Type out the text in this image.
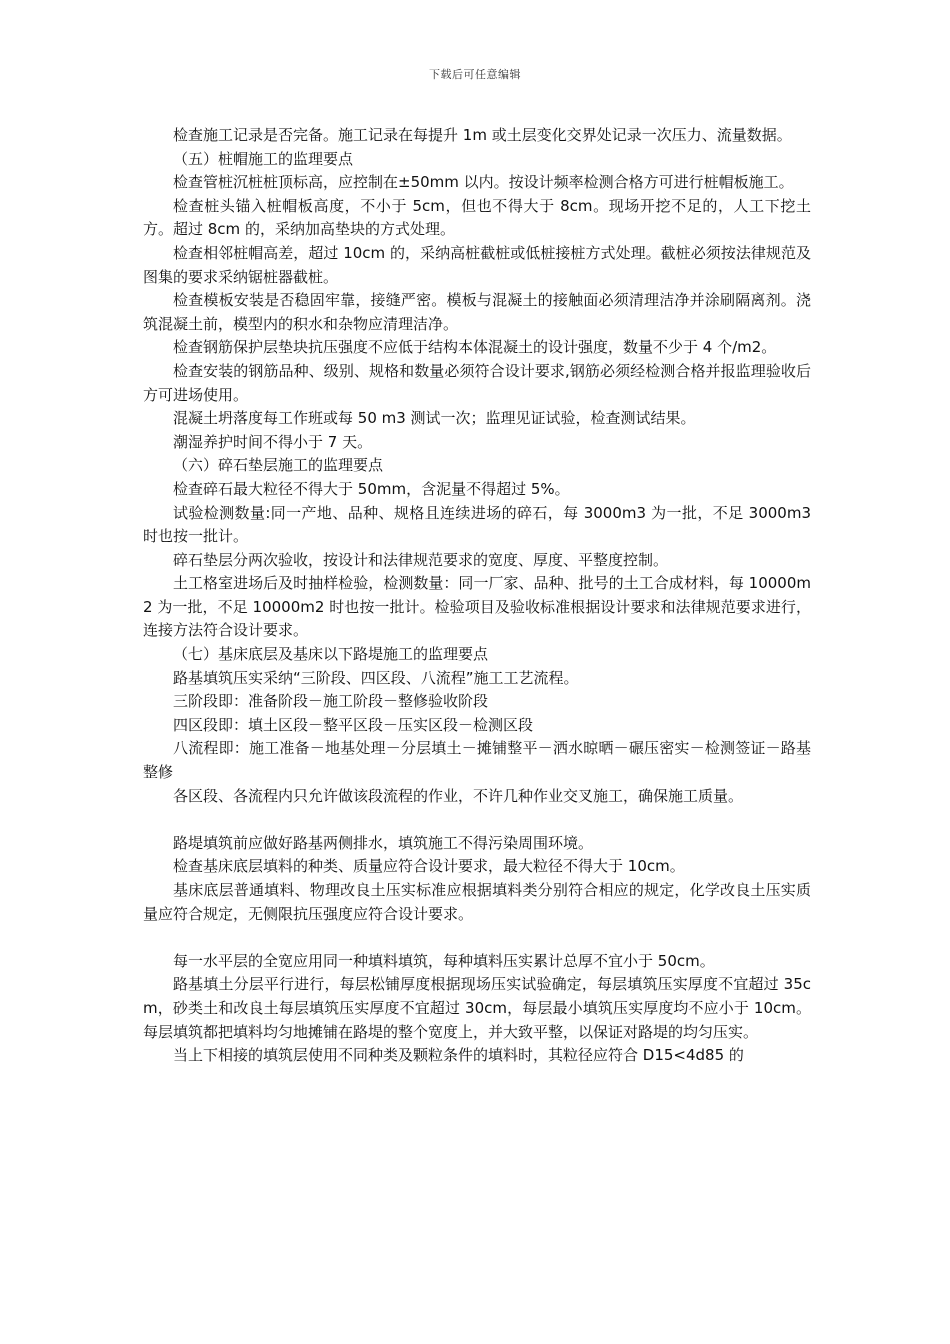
下载后可任意编辑

检查施工记录是否完备。施工记录在每提升 1m 或土层变化交界处记录一次压力、流量数据。

（五）桩帽施工的监理要点

检查管桩沉桩桩顶标高，应控制在±50mm 以内。按设计频率检测合格方可进行桩帽板施工。

检查桩头锚入桩帽板高度，不小于 5cm，但也不得大于 8cm。现场开挖不足的，人工下挖土方。超过 8cm 的，采纳加高垫块的方式处理。

检查相邻桩帽高差，超过 10cm 的，采纳高桩截桩或低桩接桩方式处理。截桩必须按法律规范及图集的要求采纳锯桩器截桩。

检查模板安装是否稳固牢靠，接缝严密。模板与混凝土的接触面必须清理洁净并涂刷隔离剂。浇筑混凝土前，模型内的积水和杂物应清理洁净。

检查钢筋保护层垫块抗压强度不应低于结构本体混凝土的设计强度，数量不少于 4 个/m2。

检查安装的钢筋品种、级别、规格和数量必须符合设计要求,钢筋必须经检测合格并报监理验收后方可进场使用。

混凝土坍落度每工作班或每 50 m3 测试一次；监理见证试验，检查测试结果。

潮湿养护时间不得小于 7 天。

（六）碎石垫层施工的监理要点

检查碎石最大粒径不得大于 50mm，含泥量不得超过 5%。

试验检测数量:同一产地、品种、规格且连续进场的碎石，每 3000m3 为一批，不足 3000m3 时也按一批计。

碎石垫层分两次验收，按设计和法律规范要求的宽度、厚度、平整度控制。

土工格室进场后及时抽样检验，检测数量：同一厂家、品种、批号的土工合成材料，每 10000m2 为一批，不足 10000m2 时也按一批计。检验项目及验收标准根据设计要求和法律规范要求进行，连接方法符合设计要求。

（七）基床底层及基床以下路堤施工的监理要点

路基填筑压实采纳“三阶段、四区段、八流程”施工工艺流程。

三阶段即：准备阶段－施工阶段－整修验收阶段

四区段即：填土区段－整平区段－压实区段－检测区段

八流程即：施工准备－地基处理－分层填土－摊铺整平－洒水晾晒－碾压密实－检测签证－路基整修

各区段、各流程内只允许做该段流程的作业，不许几种作业交叉施工，确保施工质量。

路堤填筑前应做好路基两侧排水，填筑施工不得污染周围环境。

检查基床底层填料的种类、质量应符合设计要求，最大粒径不得大于 10cm。

基床底层普通填料、物理改良土压实标准应根据填料类分别符合相应的规定，化学改良土压实质量应符合规定，无侧限抗压强度应符合设计要求。

每一水平层的全宽应用同一种填料填筑，每种填料压实累计总厚不宜小于 50cm。

路基填土分层平行进行，每层松铺厚度根据现场压实试验确定，每层填筑压实厚度不宜超过 35cm，砂类土和改良土每层填筑压实厚度不宜超过 30cm，每层最小填筑压实厚度均不应小于 10cm。每层填筑都把填料均匀地摊铺在路堤的整个宽度上，并大致平整，以保证对路堤的均匀压实。

当上下相接的填筑层使用不同种类及颗粒条件的填料时，其粒径应符合 D15<4d85 的
